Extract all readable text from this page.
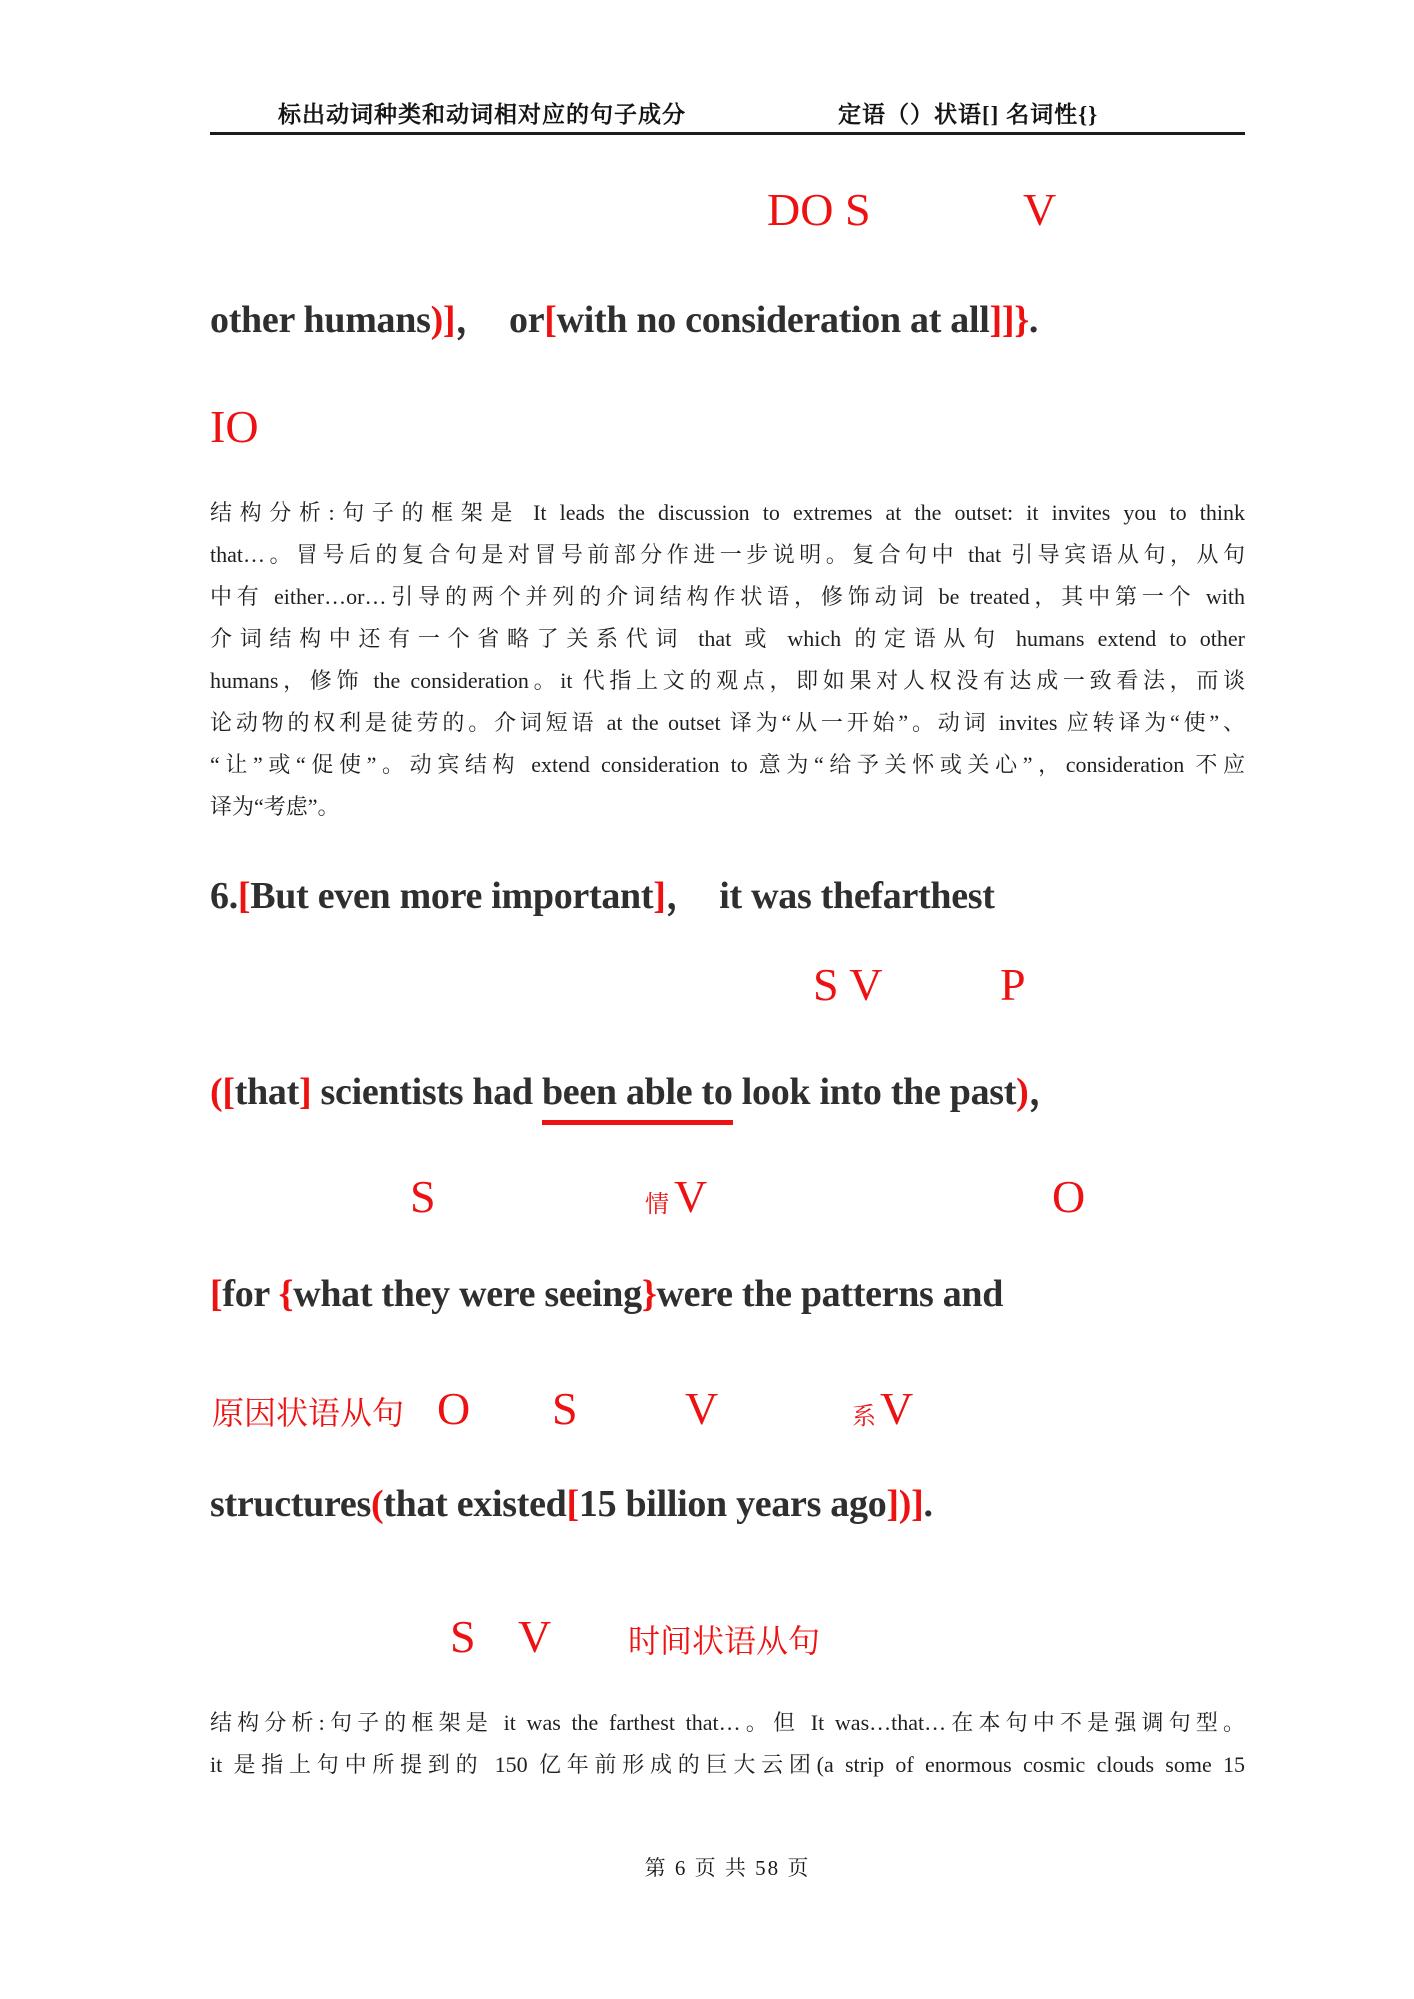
标出动词种类和动词相对应的句子成分	定语（）状语[] 名词性{}
DO S	V
other humans)]， or[with no consideration at all]]}.
IO
结构分析:句子的框架是 It leads the discussion to extremes at the outset: it invites you to think
that…。冒号后的复合句是对冒号前部分作进一步说明。复合句中 that 引导宾语从句，从句
中有 either…or…引导的两个并列的介词结构作状语，修饰动词 be treated，其中第一个 with
介词结构中还有一个省略了关系代词 that 或 which 的定语从句 humans extend to other
humans，修饰 the consideration。it 代指上文的观点，即如果对人权没有达成一致看法，而谈
论动物的权利是徒劳的。介词短语 at the outset 译为“从一开始”。动词 invites 应转译为“使”、
“让”或“促使”。动宾结构 extend consideration to 意为“给予关怀或关心”，consideration 不应
译为“考虑”。
6.[But even more important]， it was thefarthest
S V	P
([that] scientists had been able to look into the past)，
S	情 V	O
[for {what they were seeing}were the patterns and
原因状语从句 O S V	系 V
structures(that existed[15 billion years ago])].
S V 时间状语从句
结构分析:句子的框架是 it was the farthest that…。但 It was…that…在本句中不是强调句型。
it 是指上句中所提到的 150 亿年前形成的巨大云团(a strip of enormous cosmic clouds some 15
第 6 页 共 58 页
